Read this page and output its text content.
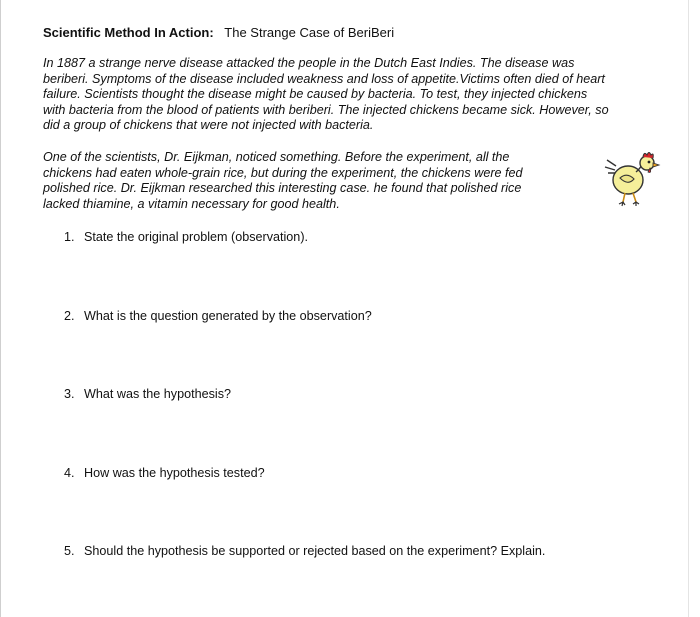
Scientific Method In Action: The Strange Case of BeriBeri
In 1887 a strange nerve disease attacked the people in the Dutch East Indies. The disease was
beriberi. Symptoms of the disease included weakness and loss of appetite.Victims often died of heart
failure. Scientists thought the disease might be caused by bacteria. To test, they injected chickens
with bacteria from the blood of patients with beriberi. The injected chickens became sick. However, so
did a group of chickens that were not injected with bacteria.
One of the scientists, Dr. Eijkman, noticed something. Before the experiment, all the
chickens had eaten whole-grain rice, but during the experiment, the chickens were fed
polished rice. Dr. Eijkman researched this interesting case. he found that polished rice
lacked thiamine, a vitamin necessary for good health.
1. State the original problem (observation).
2. What is the question generated by the observation?
3. What was the hypothesis?
4. How was the hypothesis tested?
5. Should the hypothesis be supported or rejected based on the experiment? Explain.
